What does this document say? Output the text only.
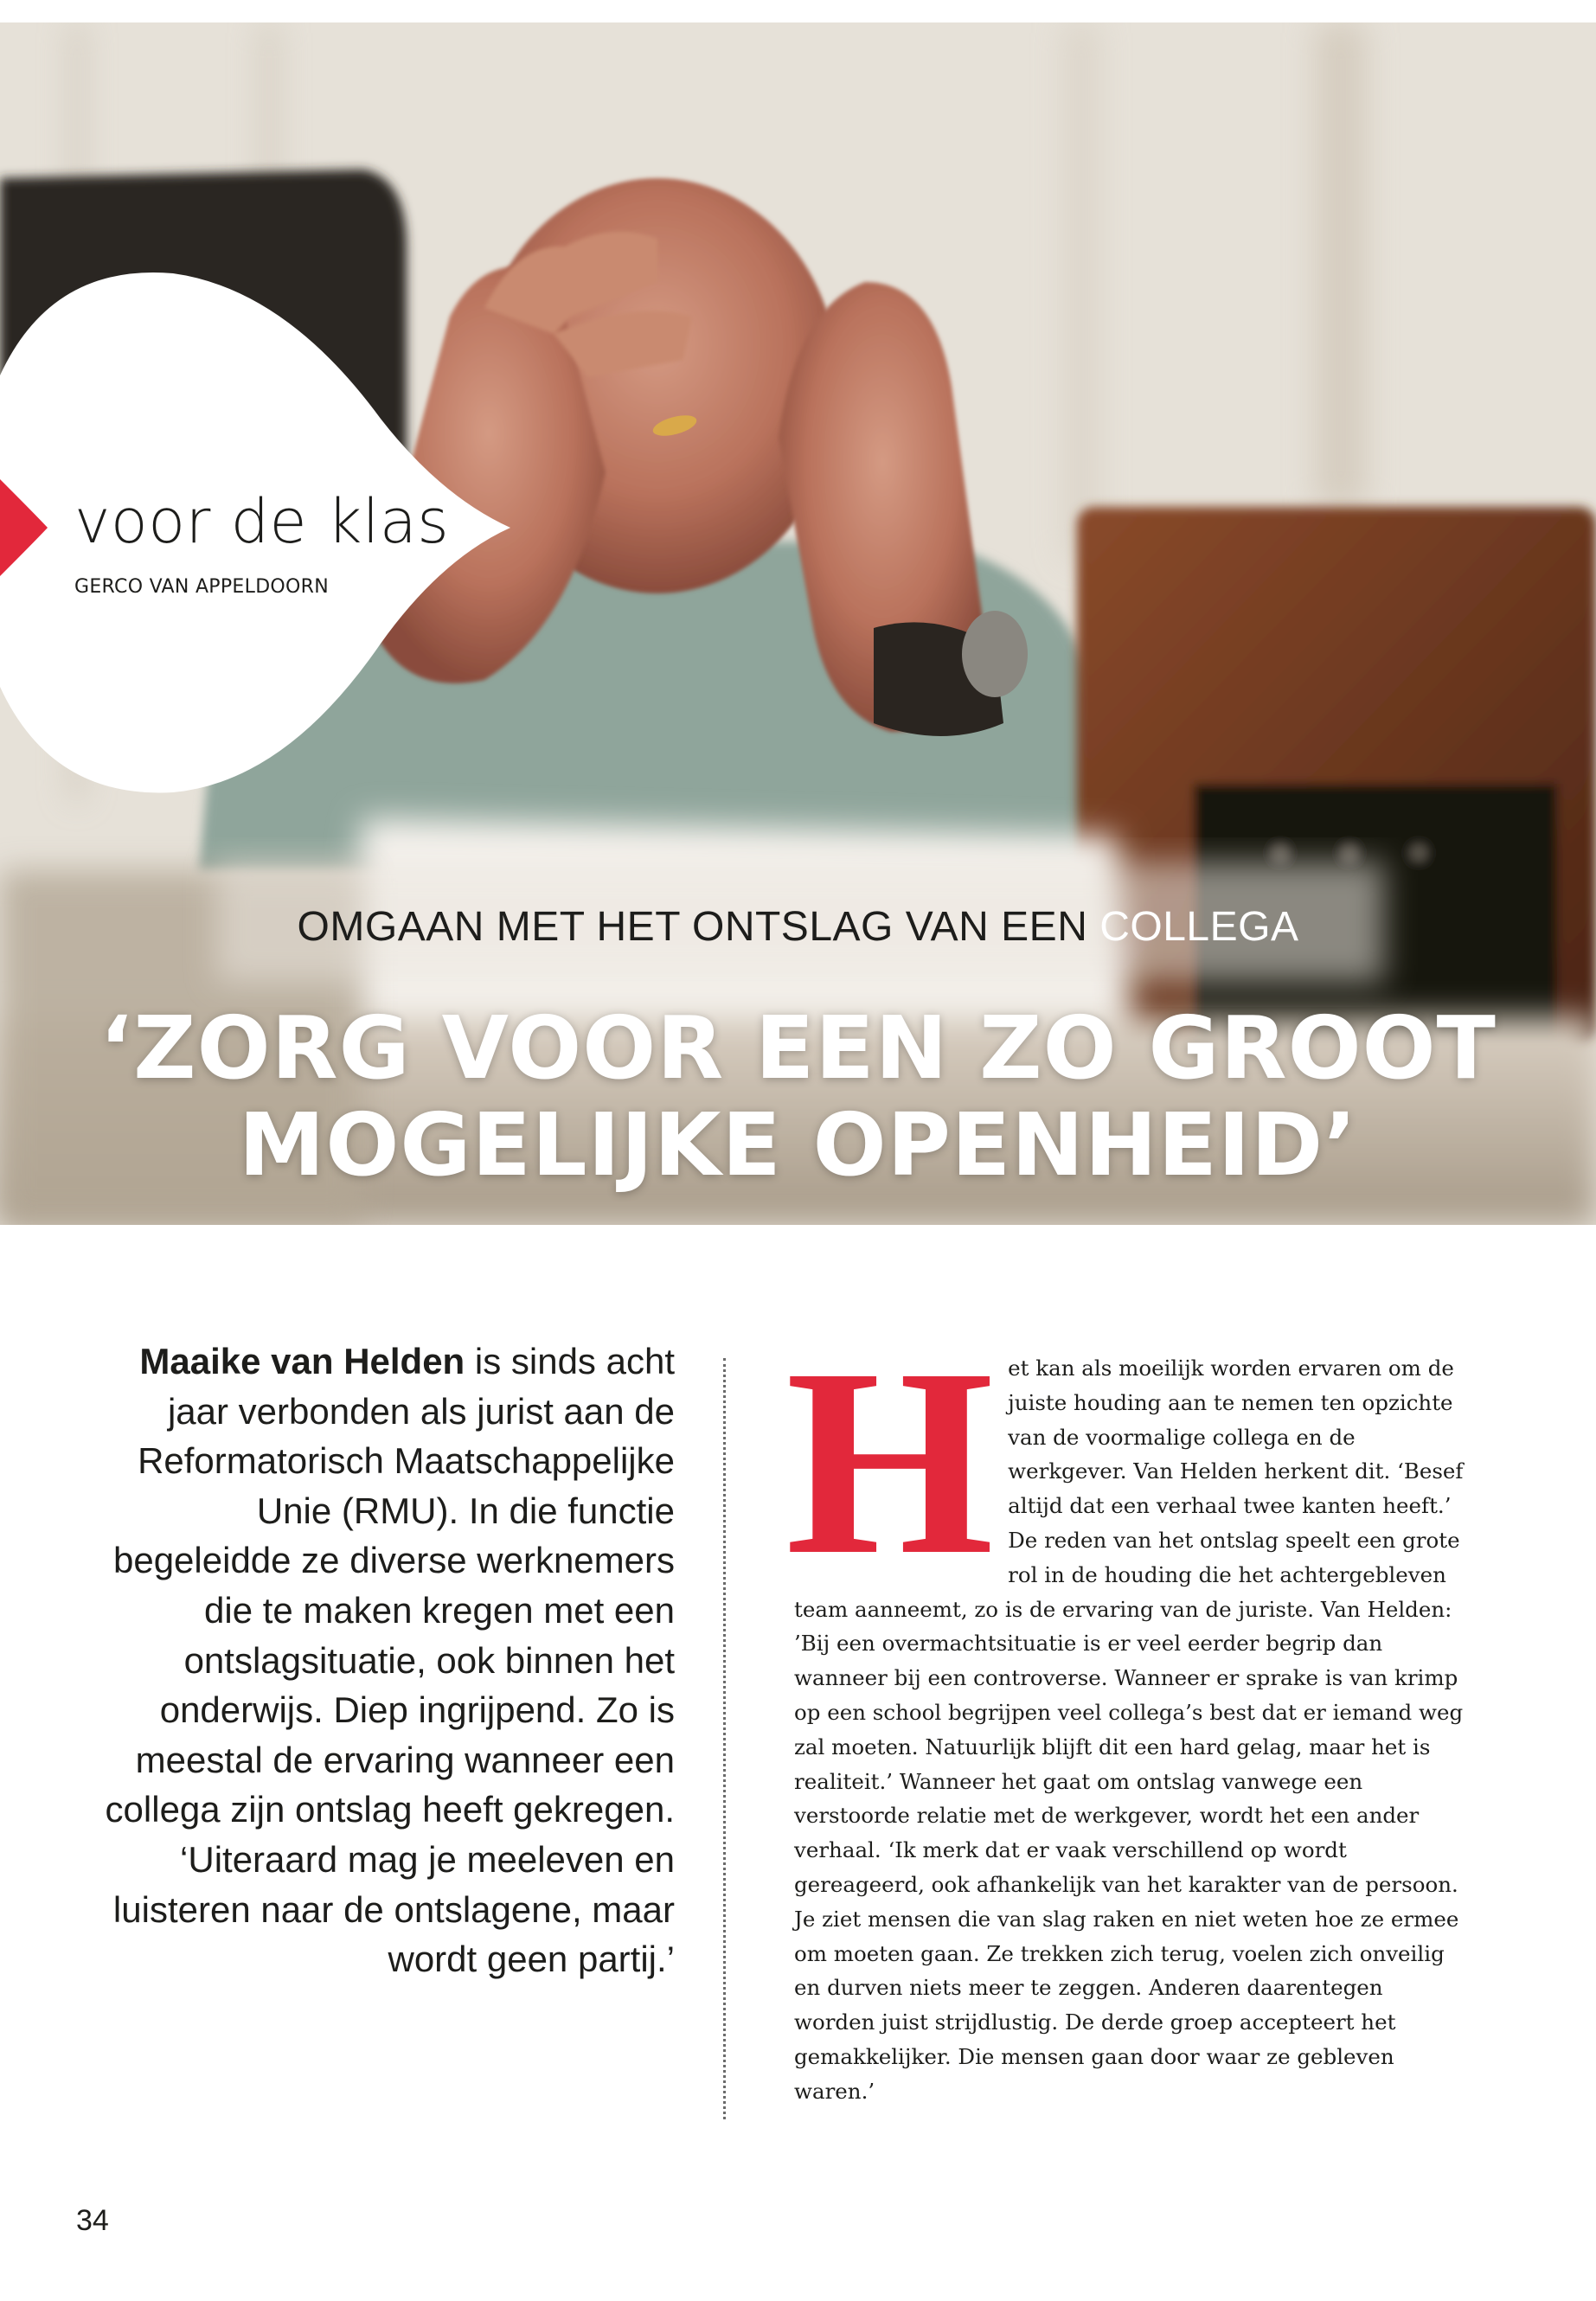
voor de klas
GERCO VAN APPELDOORN
OMGAAN MET HET ONTSLAG VAN EEN COLLEGA
‘ZORG VOOR EEN ZO GROOT
MOGELIJKE OPENHEID’
Maaike van Helden is sinds acht jaar verbonden als jurist aan de Reformatorisch Maatschappelijke Unie (RMU). In die functie begeleidde ze diverse werknemers die te maken kregen met een ontslagsituatie, ook binnen het onderwijs. Diep ingrijpend. Zo is meestal de ervaring wanneer een collega zijn ontslag heeft gekregen. ‘Uiteraard mag je meeleven en luisteren naar de ontslagene, maar wordt geen partij.’
H et kan als moeilijk worden ervaren om de juiste houding aan te nemen ten opzichte van de voormalige collega en de werkgever. Van Helden herkent dit. ‘Besef altijd dat een verhaal twee kanten heeft.’ De reden van het ontslag speelt een grote rol in de houding die het achtergebleven team aanneemt, zo is de ervaring van de juriste. Van Helden: ’Bij een overmachtsituatie is er veel eerder begrip dan wanneer bij een controverse. Wanneer er sprake is van krimp op een school begrijpen veel collega’s best dat er iemand weg zal moeten. Natuurlijk blijft dit een hard gelag, maar het is realiteit.’ Wanneer het gaat om ontslag vanwege een verstoorde relatie met de werkgever, wordt het een ander verhaal. ‘Ik merk dat er vaak verschillend op wordt gereageerd, ook afhankelijk van het karakter van de persoon. Je ziet mensen die van slag raken en niet weten hoe ze ermee om moeten gaan. Ze trekken zich terug, voelen zich onveilig en durven niets meer te zeggen. Anderen daarentegen worden juist strijdlustig. De derde groep accepteert het gemakkelijker. Die mensen gaan door waar ze gebleven waren.’

34
